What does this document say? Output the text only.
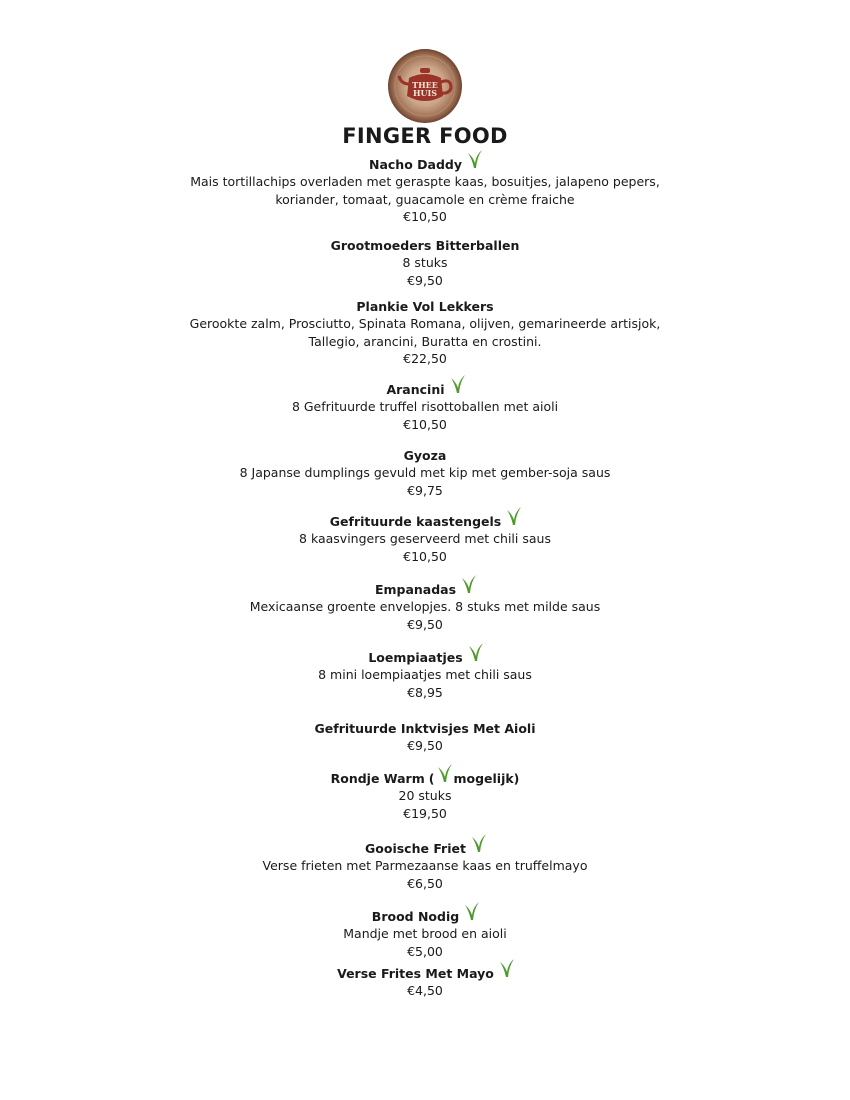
THEE
HUIS
FINGER FOOD
Nacho Daddy
Mais tortillachips overladen met geraspte kaas, bosuitjes, jalapeno pepers,
koriander, tomaat, guacamole en crème fraiche
€10,50
Grootmoeders Bitterballen
8 stuks
€9,50
Plankie Vol Lekkers
Gerookte zalm, Prosciutto, Spinata Romana, olijven, gemarineerde artisjok,
Tallegio, arancini, Buratta en crostini.
€22,50
Arancini
8 Gefrituurde truffel risottoballen met aioli
€10,50
Gyoza
8 Japanse dumplings gevuld met kip met gember-soja saus
€9,75
Gefrituurde kaastengels
8 kaasvingers geserveerd met chili saus
€10,50
Empanadas
Mexicaanse groente envelopjes. 8 stuks met milde saus
€9,50
Loempiaatjes
8 mini loempiaatjes met chili saus
€8,95
Gefrituurde Inktvisjes Met Aioli
€9,50
Rondje Warm ( mogelijk)
20 stuks
€19,50
Gooische Friet
Verse frieten met Parmezaanse kaas en truffelmayo
€6,50
Brood Nodig
Mandje met brood en aioli
€5,00
Verse Frites Met Mayo
€4,50
